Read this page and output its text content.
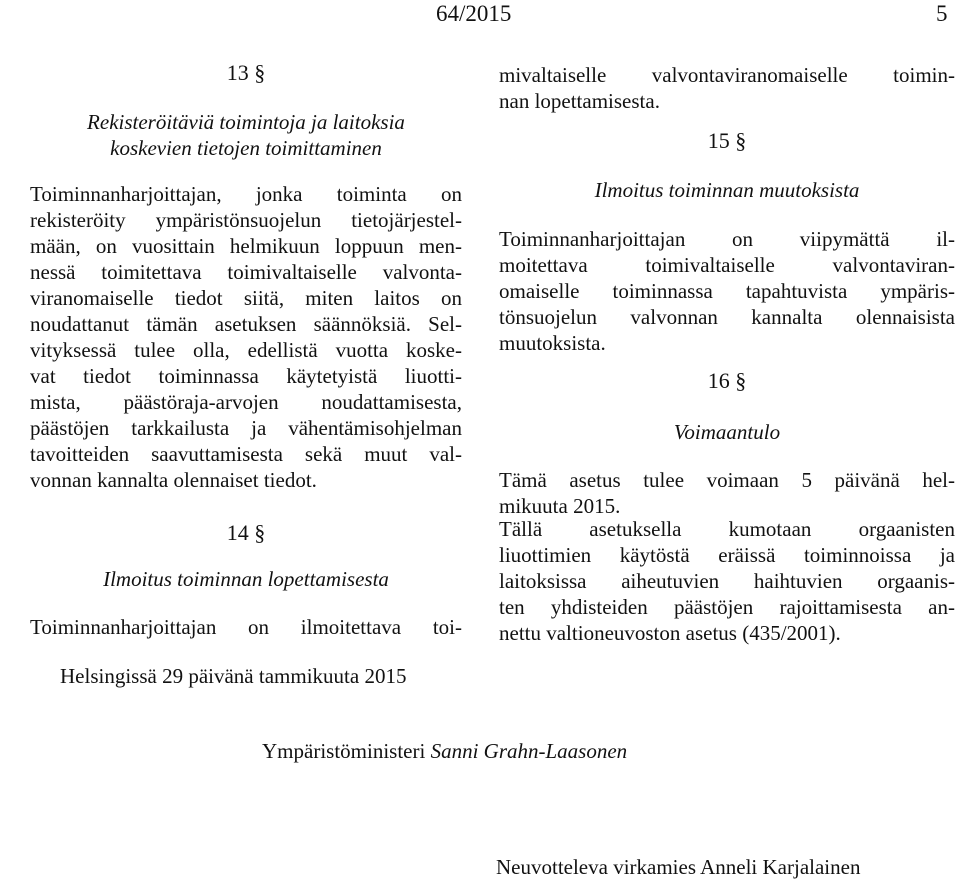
64/2015	5
13 §
Rekisteröitäviä toimintoja ja laitoksia
koskevien tietojen toimittaminen
Toiminnanharjoittajan, jonka toiminta on
rekisteröity ympäristönsuojelun tietojärjestel-
mään, on vuosittain helmikuun loppuun men-
nessä toimitettava toimivaltaiselle valvonta-
viranomaiselle tiedot siitä, miten laitos on
noudattanut tämän asetuksen säännöksiä. Sel-
vityksessä tulee olla, edellistä vuotta koske-
vat tiedot toiminnassa käytetyistä liuotti-
mista, päästöraja-arvojen noudattamisesta,
päästöjen tarkkailusta ja vähentämisohjelman
tavoitteiden saavuttamisesta sekä muut val-
vonnan kannalta olennaiset tiedot.
14 §
Ilmoitus toiminnan lopettamisesta
Toiminnanharjoittajan on ilmoitettava toi-
mivaltaiselle valvontaviranomaiselle toimin-
nan lopettamisesta.
15 §
Ilmoitus toiminnan muutoksista
Toiminnanharjoittajan on viipymättä il-
moitettava toimivaltaiselle valvontaviran-
omaiselle toiminnassa tapahtuvista ympäris-
tönsuojelun valvonnan kannalta olennaisista
muutoksista.
16 §
Voimaantulo
Tämä asetus tulee voimaan 5 päivänä hel-
mikuuta 2015.
Tällä asetuksella kumotaan orgaanisten
liuottimien käytöstä eräissä toiminnoissa ja
laitoksissa aiheutuvien haihtuvien orgaanis-
ten yhdisteiden päästöjen rajoittamisesta an-
nettu valtioneuvoston asetus (435/2001).
Helsingissä 29 päivänä tammikuuta 2015
Ympäristöministeri Sanni Grahn-Laasonen
Neuvotteleva virkamies Anneli Karjalainen
